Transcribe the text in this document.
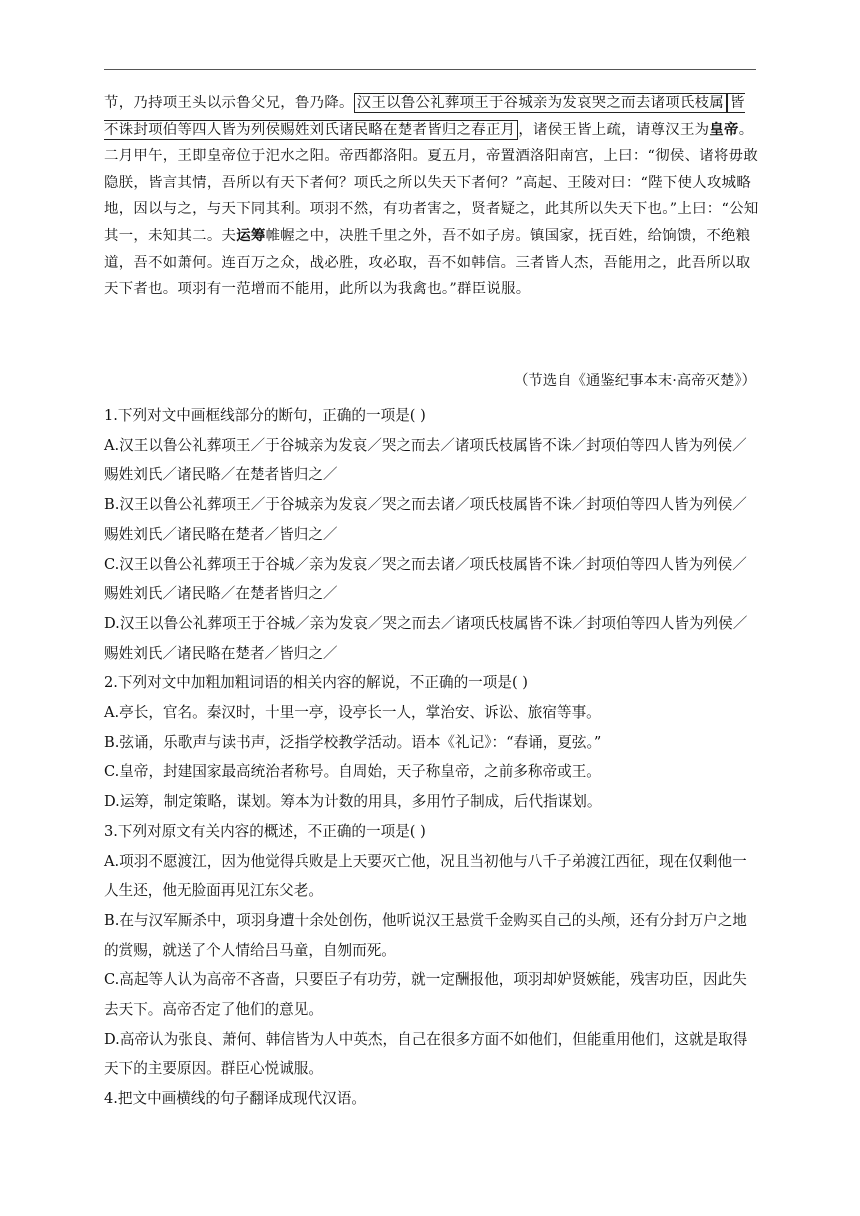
节，乃持项王头以示鲁父兄，鲁乃降。 汉王以鲁公礼葬项王于谷城亲为发哀哭之而去诸项氏枝属 皆不诛封项伯等四人皆为列侯赐姓刘氏诸民略在楚者皆归之春正月 ，诸侯王皆上疏，请尊汉王为皇帝。二月甲午，王即皇帝位于汜水之阳。帝西都洛阳。夏五月，帝置酒洛阳南宫，上曰：“彻侯、诸将毋敢隐朕，皆言其情，吾所以有天下者何？项氏之所以失天下者何？”高起、王陵对曰：“陛下使人攻城略地，因以与之，与天下同其利。项羽不然，有功者害之，贤者疑之，此其所以失天下也。”上曰：“公知其一，未知其二。夫运筹帷幄之中，决胜千里之外，吾不如子房。镇国家，抚百姓，给饷馈，不绝粮道，吾不如萧何。连百万之众，战必胜，攻必取，吾不如韩信。三者皆人杰，吾能用之，此吾所以取天下者也。项羽有一范增而不能用，此所以为我禽也。”群臣说服。

（节选自《通鉴纪事本末·高帝灭楚》）

1.下列对文中画框线部分的断句，正确的一项是( )

A.汉王以鲁公礼葬项王／于谷城亲为发哀／哭之而去／诸项氏枝属皆不诛／封项伯等四人皆为列侯／赐姓刘氏／诸民略／在楚者皆归之／

B.汉王以鲁公礼葬项王／于谷城亲为发哀／哭之而去诸／项氏枝属皆不诛／封项伯等四人皆为列侯／赐姓刘氏／诸民略在楚者／皆归之／

C.汉王以鲁公礼葬项王于谷城／亲为发哀／哭之而去诸／项氏枝属皆不诛／封项伯等四人皆为列侯／赐姓刘氏／诸民略／在楚者皆归之／

D.汉王以鲁公礼葬项王于谷城／亲为发哀／哭之而去／诸项氏枝属皆不诛／封项伯等四人皆为列侯／赐姓刘氏／诸民略在楚者／皆归之／

2.下列对文中加粗加粗词语的相关内容的解说，不正确的一项是( )

A.亭长，官名。秦汉时，十里一亭，设亭长一人，掌治安、诉讼、旅宿等事。

B.弦诵，乐歌声与读书声，泛指学校教学活动。语本《礼记》：“春诵，夏弦。”

C.皇帝，封建国家最高统治者称号。自周始，天子称皇帝，之前多称帝或王。

D.运筹，制定策略，谋划。筹本为计数的用具，多用竹子制成，后代指谋划。

3.下列对原文有关内容的概述，不正确的一项是( )

A.项羽不愿渡江，因为他觉得兵败是上天要灭亡他，况且当初他与八千子弟渡江西征，现在仅剩他一人生还，他无脸面再见江东父老。

B.在与汉军厮杀中，项羽身遭十余处创伤，他听说汉王悬赏千金购买自己的头颅，还有分封万户之地的赏赐，就送了个人情给吕马童，自刎而死。

C.高起等人认为高帝不吝啬，只要臣子有功劳，就一定酬报他，项羽却妒贤嫉能，残害功臣，因此失去天下。高帝否定了他们的意见。

D.高帝认为张良、萧何、韩信皆为人中英杰，自己在很多方面不如他们，但能重用他们，这就是取得天下的主要原因。群臣心悦诚服。

4.把文中画横线的句子翻译成现代汉语。
